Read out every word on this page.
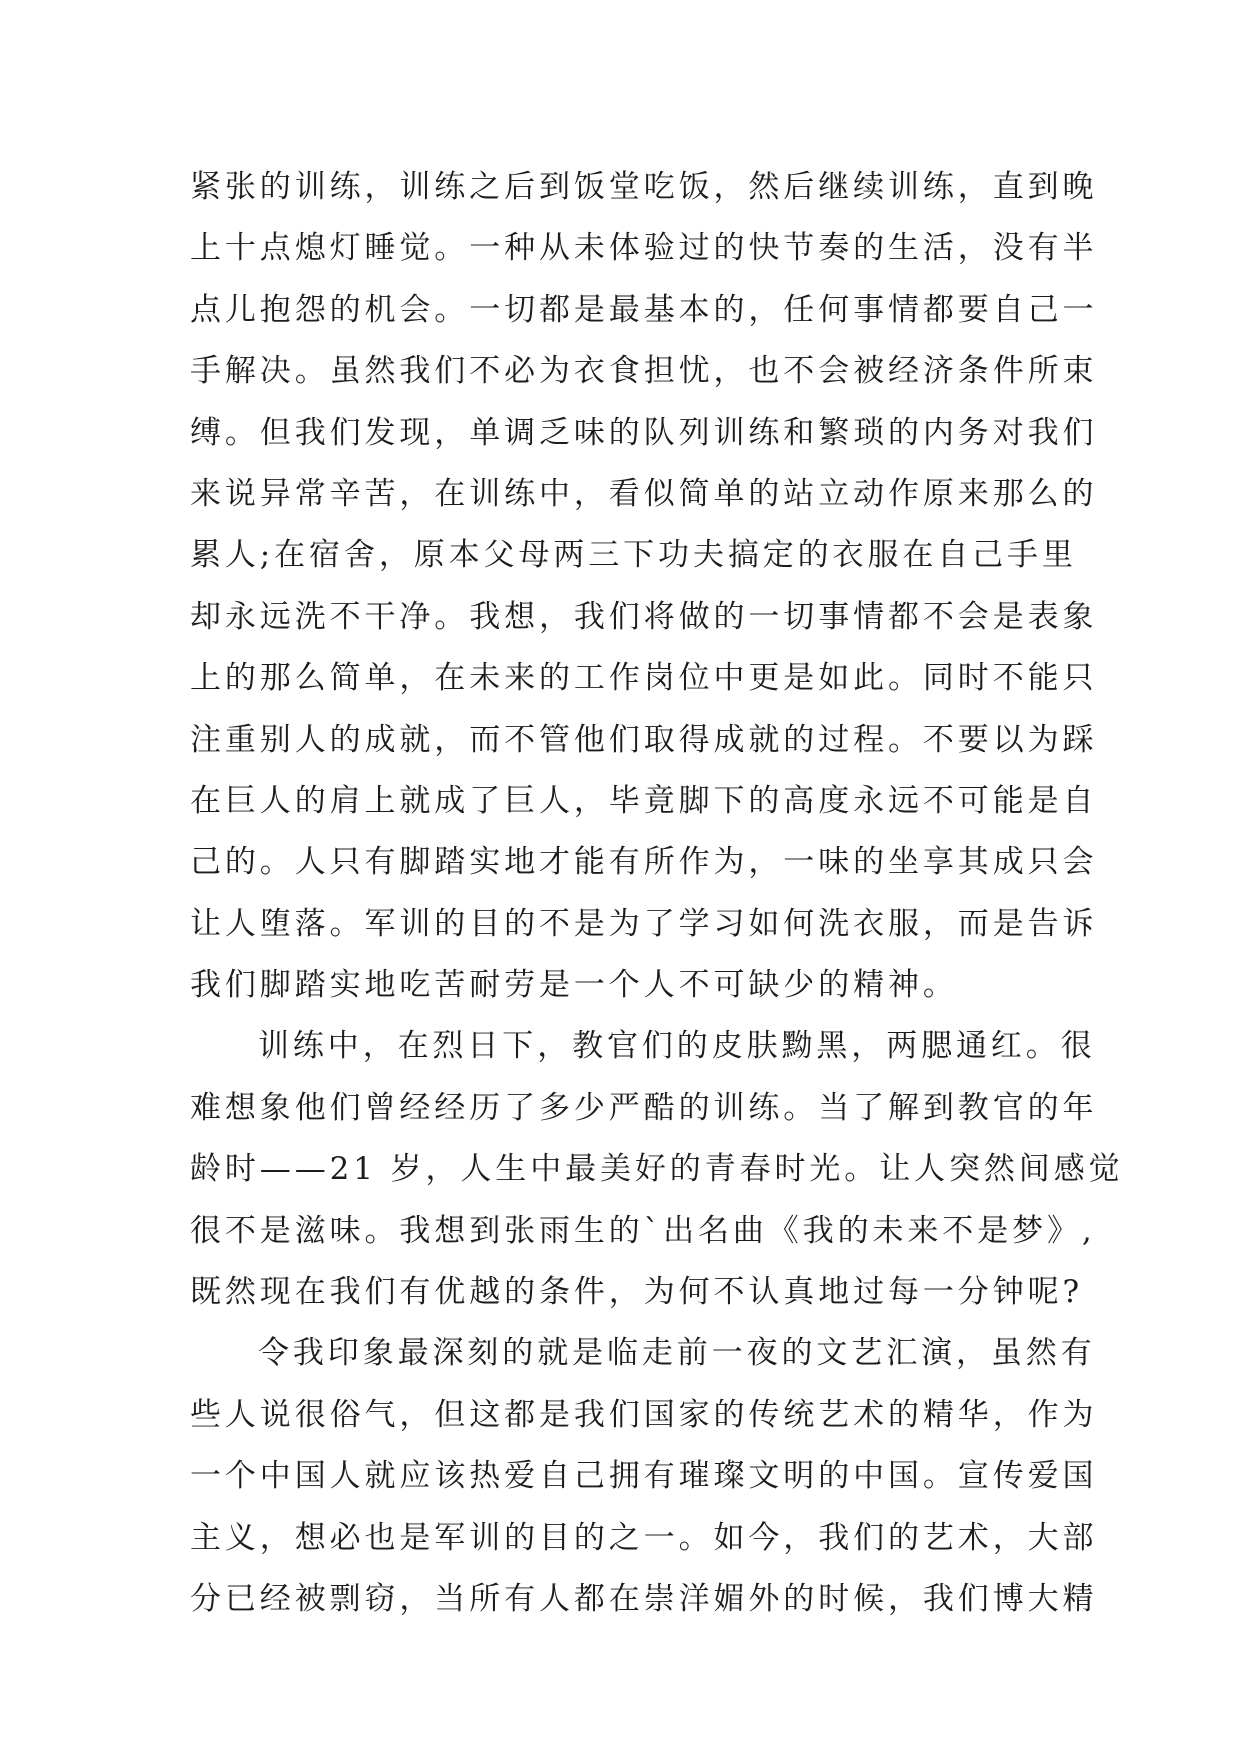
紧张的训练，训练之后到饭堂吃饭，然后继续训练，直到晚
上十点熄灯睡觉。一种从未体验过的快节奏的生活，没有半
点儿抱怨的机会。一切都是最基本的，任何事情都要自己一
手解决。虽然我们不必为衣食担忧，也不会被经济条件所束
缚。但我们发现，单调乏味的队列训练和繁琐的内务对我们
来说异常辛苦，在训练中，看似简单的站立动作原来那么的
累人;在宿舍，原本父母两三下功夫搞定的衣服在自己手里
却永远洗不干净。我想，我们将做的一切事情都不会是表象
上的那么简单，在未来的工作岗位中更是如此。同时不能只
注重别人的成就，而不管他们取得成就的过程。不要以为踩
在巨人的肩上就成了巨人，毕竟脚下的高度永远不可能是自
己的。人只有脚踏实地才能有所作为，一味的坐享其成只会
让人堕落。军训的目的不是为了学习如何洗衣服，而是告诉
我们脚踏实地吃苦耐劳是一个人不可缺少的精神。
训练中，在烈日下，教官们的皮肤黝黑，两腮通红。很
难想象他们曾经经历了多少严酷的训练。当了解到教官的年
龄时——21 岁，人生中最美好的青春时光。让人突然间感觉
很不是滋味。我想到张雨生的`出名曲《我的未来不是梦》,
既然现在我们有优越的条件，为何不认真地过每一分钟呢?
令我印象最深刻的就是临走前一夜的文艺汇演，虽然有
些人说很俗气，但这都是我们国家的传统艺术的精华，作为
一个中国人就应该热爱自己拥有璀璨文明的中国。宣传爱国
主义，想必也是军训的目的之一。如今，我们的艺术，大部
分已经被剽窃，当所有人都在崇洋媚外的时候，我们博大精
